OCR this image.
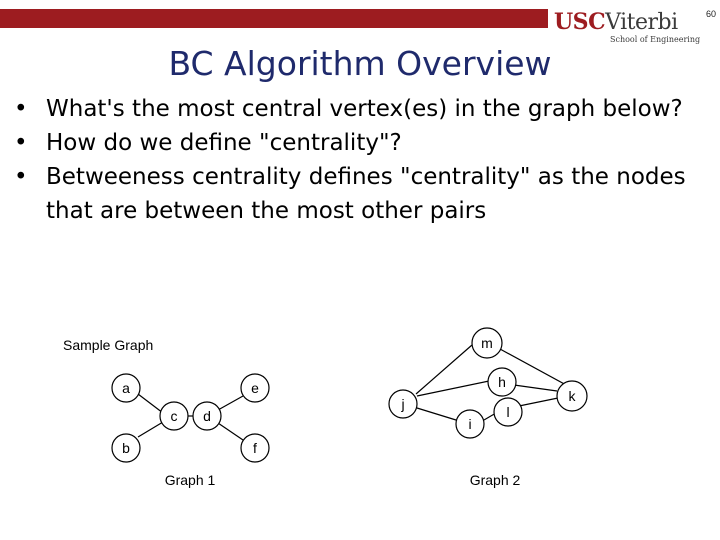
USCViterbi
School of Engineering
60
BC Algorithm Overview
• What's the most central vertex(es) in the graph below?
• How do we define "centrality"?
• Betweeness centrality defines "centrality" as the nodes that are between the most other pairs
Sample Graph
a
b
c d
e
f
h
i
j	k
l
m
Graph 1	Graph 2
